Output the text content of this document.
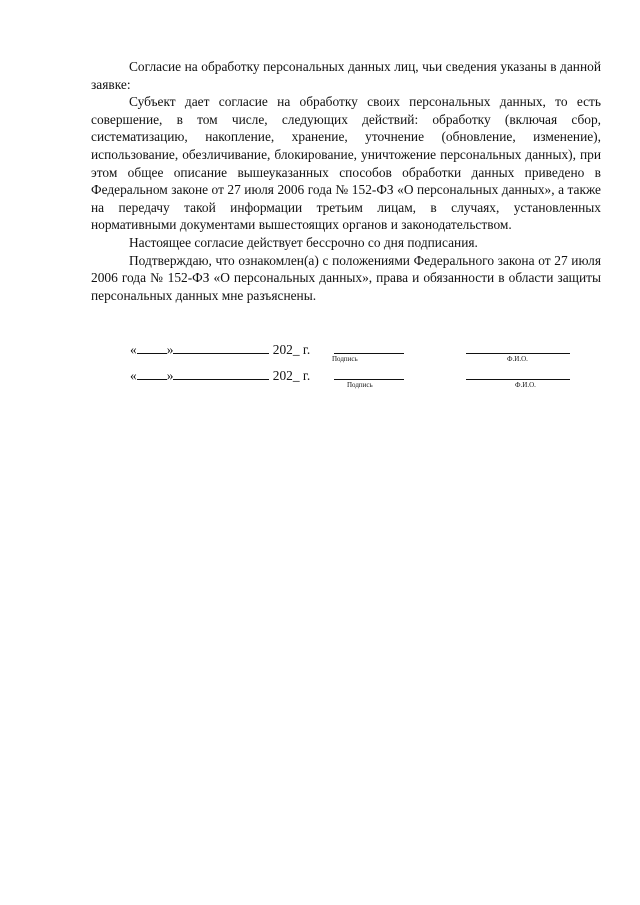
Согласие на обработку персональных данных лиц, чьи сведения указаны в данной заявке:

Субъект дает согласие на обработку своих персональных данных, то есть совершение, в том числе, следующих действий: обработку (включая сбор, систематизацию, накопление, хранение, уточнение (обновление, изменение), использование, обезличивание, блокирование, уничтожение персональных данных), при этом общее описание вышеуказанных способов обработки данных приведено в Федеральном законе от 27 июля 2006 года № 152-ФЗ «О персональных данных», а также на передачу такой информации третьим лицам, в случаях, установленных нормативными документами вышестоящих органов и законодательством.

Настоящее согласие действует бессрочно со дня подписания.

Подтверждаю, что ознакомлен(а) с положениями Федерального закона от 27 июля 2006 года № 152-ФЗ «О персональных данных», права и обязанности в области защиты персональных данных мне разъяснены.

« »	202_ г.
Подпись	Ф.И.О.
« »	202_ г.
Подпись	Ф.И.О.
